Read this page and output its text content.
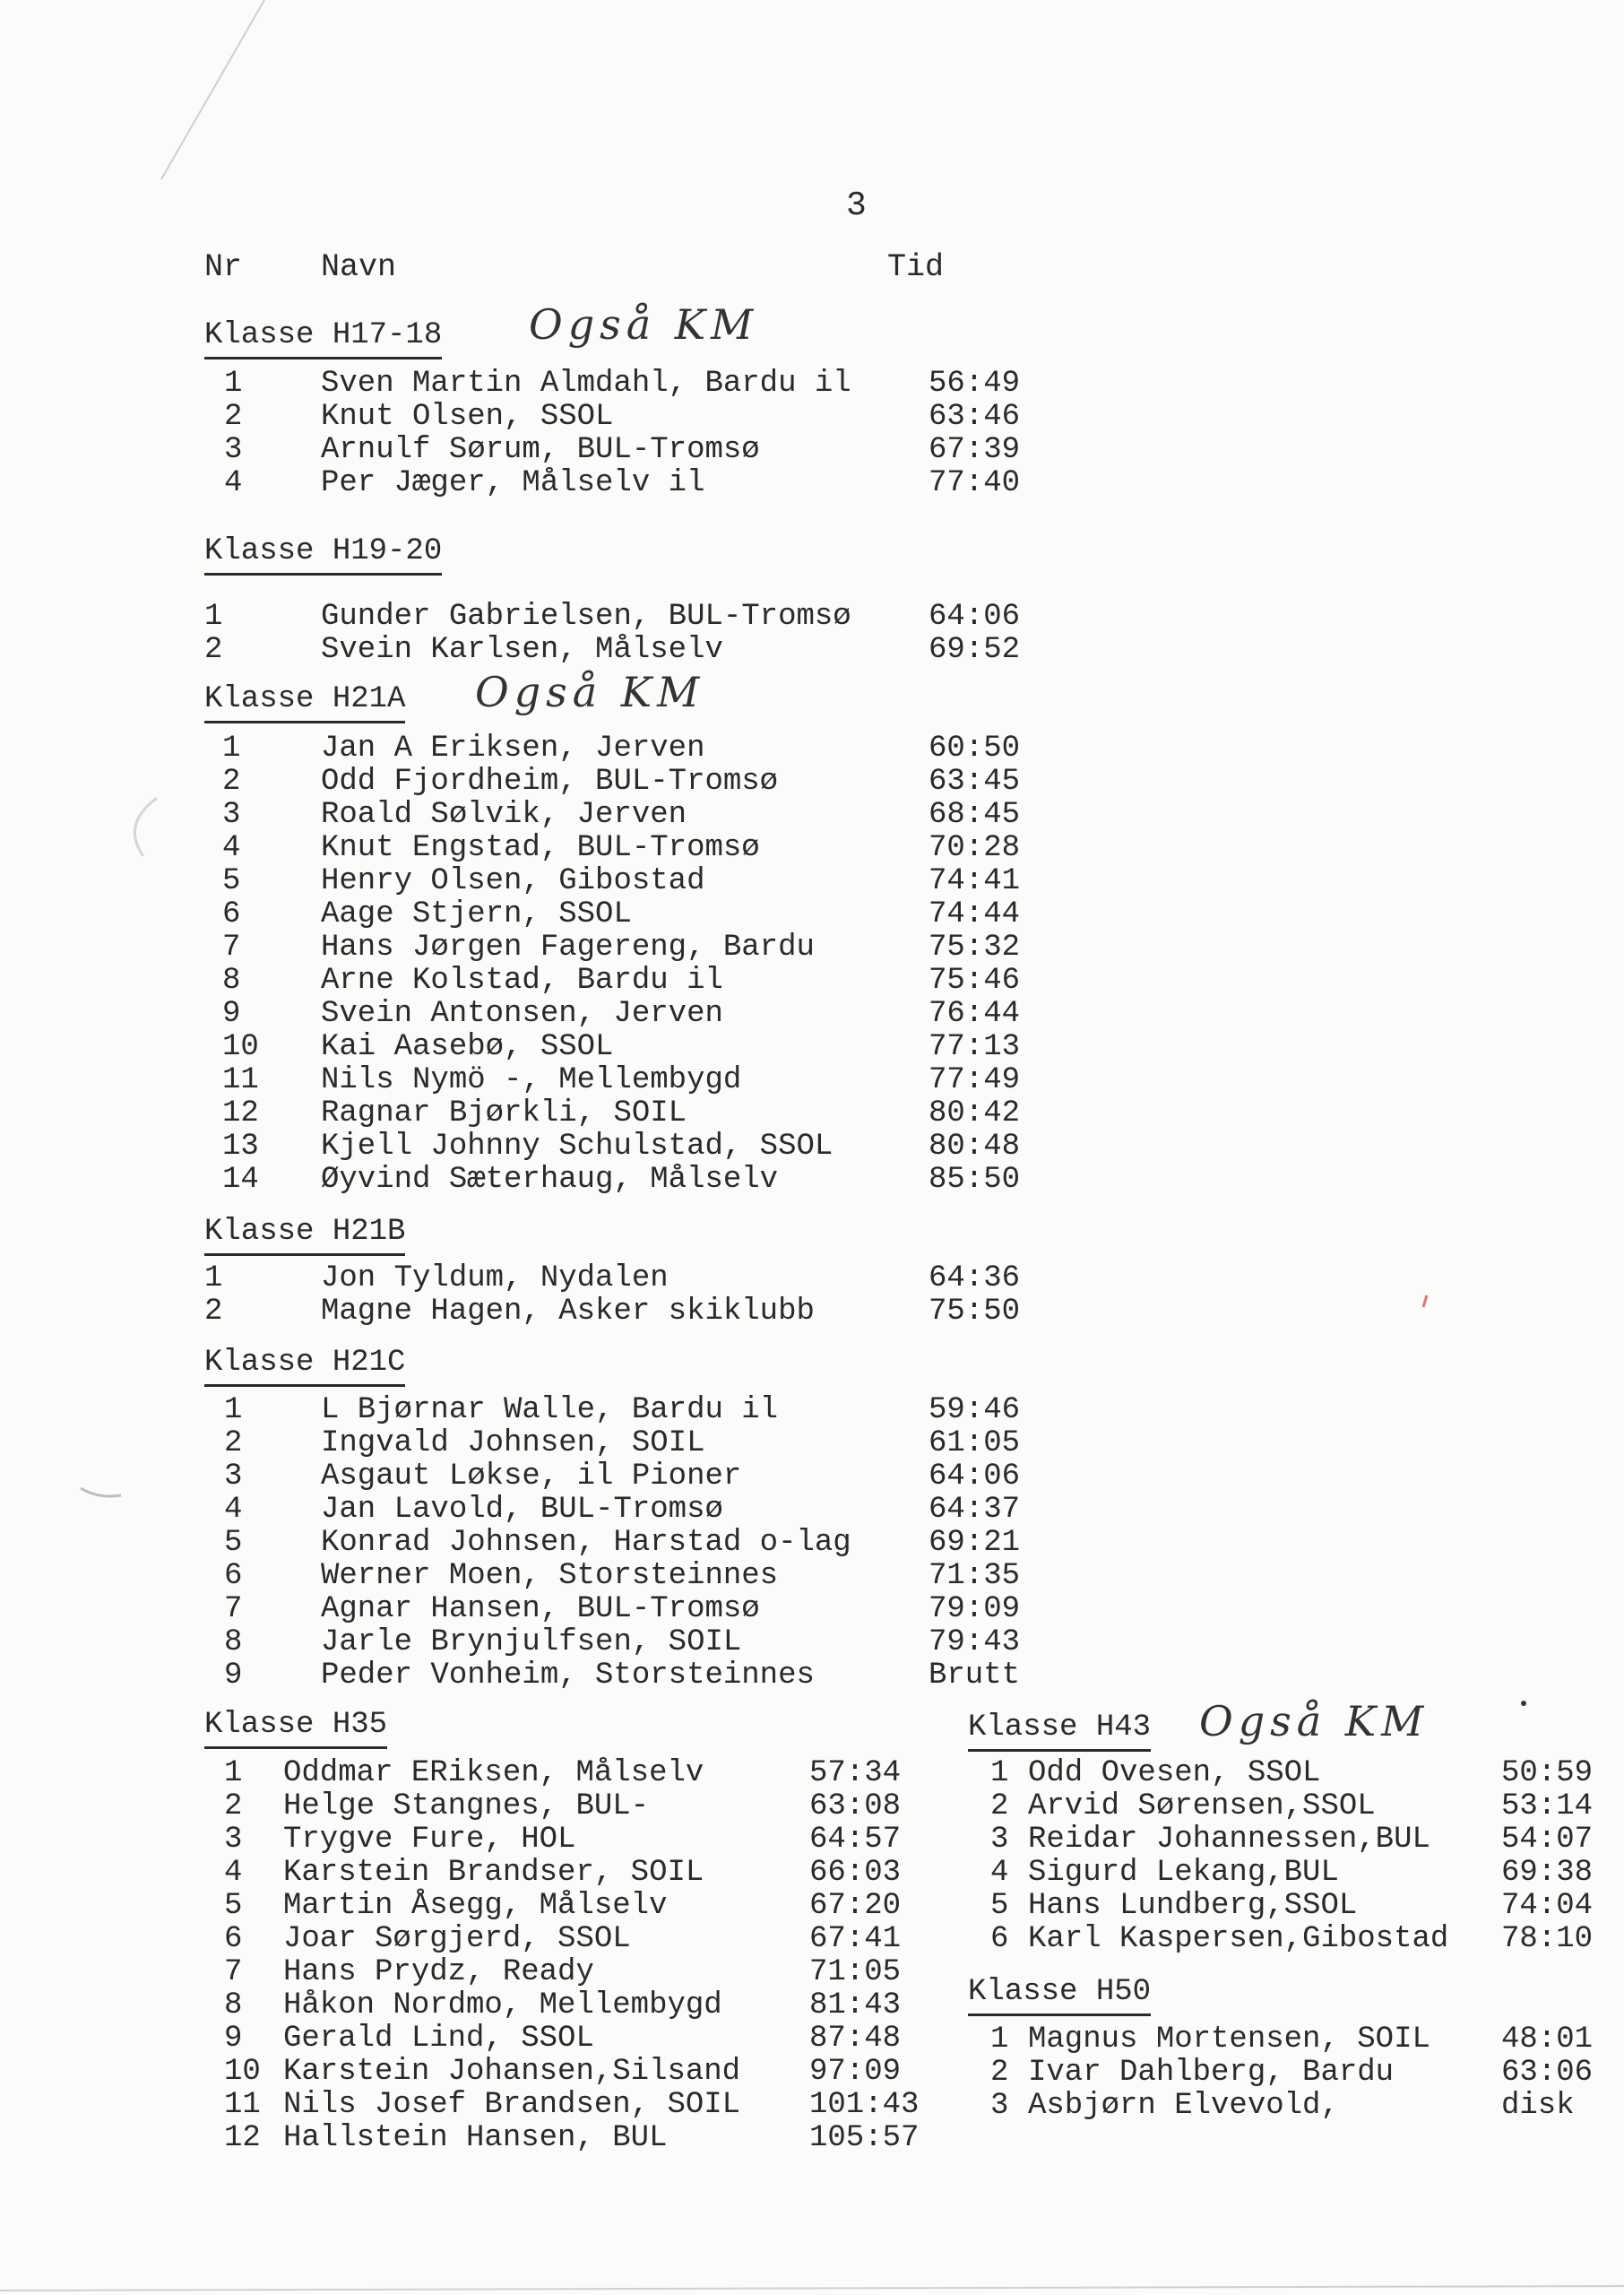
3
Nr	Navn	Tid
Klasse H17-18 Også KM
1	Sven Martin Almdahl, Bardu il	56:49
2	Knut Olsen, SSOL	63:46
3	Arnulf Sørum, BUL-Tromsø	67:39
4	Per Jæger, Målselv il	77:40
Klasse H19-20
1	Gunder Gabrielsen, BUL-Tromsø	64:06
2	Svein Karlsen, Målselv	69:52
Klasse H21A Også KM
1	Jan A Eriksen, Jerven	60:50
2	Odd Fjordheim, BUL-Tromsø	63:45
3	Roald Sølvik, Jerven	68:45
4	Knut Engstad, BUL-Tromsø	70:28
5	Henry Olsen, Gibostad	74:41
6	Aage Stjern, SSOL	74:44
7	Hans Jørgen Fagereng, Bardu	75:32
8	Arne Kolstad, Bardu il	75:46
9	Svein Antonsen, Jerven	76:44
10 Kai Aasebø, SSOL	77:13
11 Nils Nymö -, Mellembygd	77:49
12 Ragnar Bjørkli, SOIL	80:42
13 Kjell Johnny Schulstad, SSOL	80:48
14 Øyvind Sæterhaug, Målselv	85:50
Klasse H21B
1	Jon Tyldum, Nydalen	64:36
2	Magne Hagen, Asker skiklubb	75:50
Klasse H21C
1	L Bjørnar Walle, Bardu il	59:46
2	Ingvald Johnsen, SOIL	61:05
3	Asgaut Løkse, il Pioner	64:06
4	Jan Lavold, BUL-Tromsø	64:37
5	Konrad Johnsen, Harstad o-lag	69:21
6	Werner Moen, Storsteinnes	71:35
7	Agnar Hansen, BUL-Tromsø	79:09
8	Jarle Brynjulfsen, SOIL	79:43
9	Peder Vonheim, Storsteinnes	Brutt
Klasse H35
1 Oddmar ERiksen, Målselv	57:34
2 Helge Stangnes, BUL-	63:08
3 Trygve Fure, HOL	64:57
4 Karstein Brandser, SOIL	66:03
5 Martin Åsegg, Målselv	67:20
6 Joar Sørgjerd, SSOL	67:41
7 Hans Prydz, Ready	71:05
8 Håkon Nordmo, Mellembygd	81:43
9 Gerald Lind, SSOL	87:48
10 Karstein Johansen,Silsand 97:09
11 Nils Josef Brandsen, SOIL 101:43
12 Hallstein Hansen, BUL	105:57
Klasse H43 Også KM
1 Odd Ovesen, SSOL	50:59
2 Arvid Sørensen,SSOL	53:14
3 Reidar Johannessen,BUL 54:07
4 Sigurd Lekang,BUL	69:38
5 Hans Lundberg,SSOL	74:04
6 Karl Kaspersen,Gibostad 78:10
Klasse H50
1 Magnus Mortensen, SOIL 48:01
2 Ivar Dahlberg, Bardu	63:06
3 Asbjørn Elvevold,	disk
